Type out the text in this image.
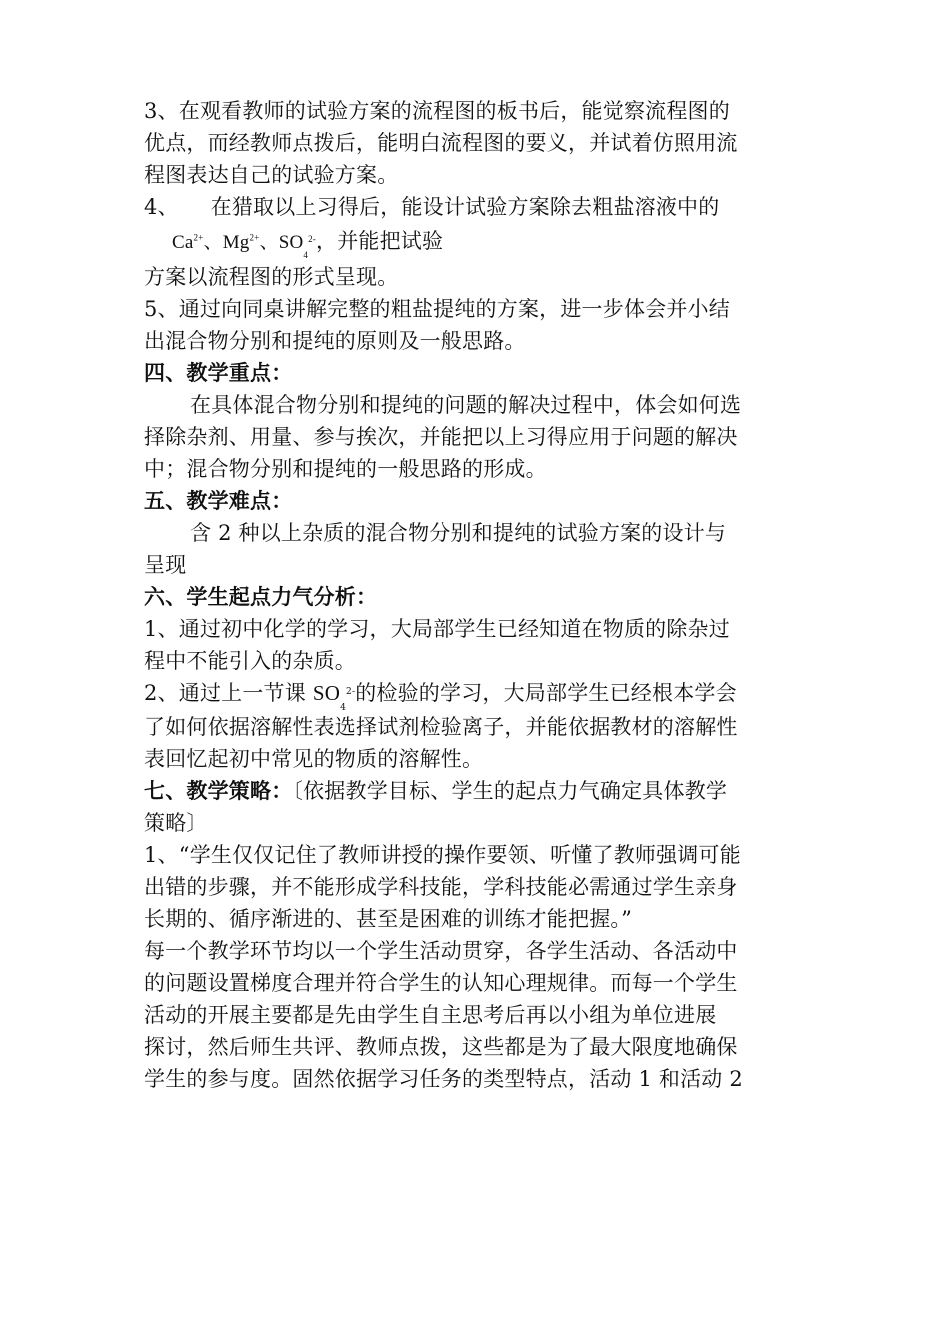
3、在观看教师的试验方案的流程图的板书后，能觉察流程图的
优点，而经教师点拨后，能明白流程图的要义，并试着仿照用流
程图表达自己的试验方案。
4、　　在猎取以上习得后，能设计试验方案除去粗盐溶液中的
$Ca^{2+}$、$Mg^{2+}$、$SO_4^{2-}$，并能把试验
方案以流程图的形式呈现。
5、通过向同桌讲解完整的粗盐提纯的方案，进一步体会并小结
出混合物分别和提纯的原则及一般思路。
四、教学重点：
在具体混合物分别和提纯的问题的解决过程中，体会如何选
择除杂剂、用量、参与挨次，并能把以上习得应用于问题的解决
中；混合物分别和提纯的一般思路的形成。
五、教学难点：
含 2 种以上杂质的混合物分别和提纯的试验方案的设计与
呈现
六、学生起点力气分析：
1、通过初中化学的学习，大局部学生已经知道在物质的除杂过
程中不能引入的杂质。
2、通过上一节课 $SO_4^{2-}$的检验的学习，大局部学生已经根本学会
了如何依据溶解性表选择试剂检验离子，并能依据教材的溶解性
表回忆起初中常见的物质的溶解性。
七、教学策略：〔依据教学目标、学生的起点力气确定具体教学
策略〕
1、“学生仅仅记住了教师讲授的操作要领、听懂了教师强调可能
出错的步骤，并不能形成学科技能，学科技能必需通过学生亲身
长期的、循序渐进的、甚至是困难的训练才能把握。”
每一个教学环节均以一个学生活动贯穿，各学生活动、各活动中
的问题设置梯度合理并符合学生的认知心理规律。而每一个学生
活动的开展主要都是先由学生自主思考后再以小组为单位进展
探讨，然后师生共评、教师点拨，这些都是为了最大限度地确保
学生的参与度。固然依据学习任务的类型特点，活动 1 和活动 2
